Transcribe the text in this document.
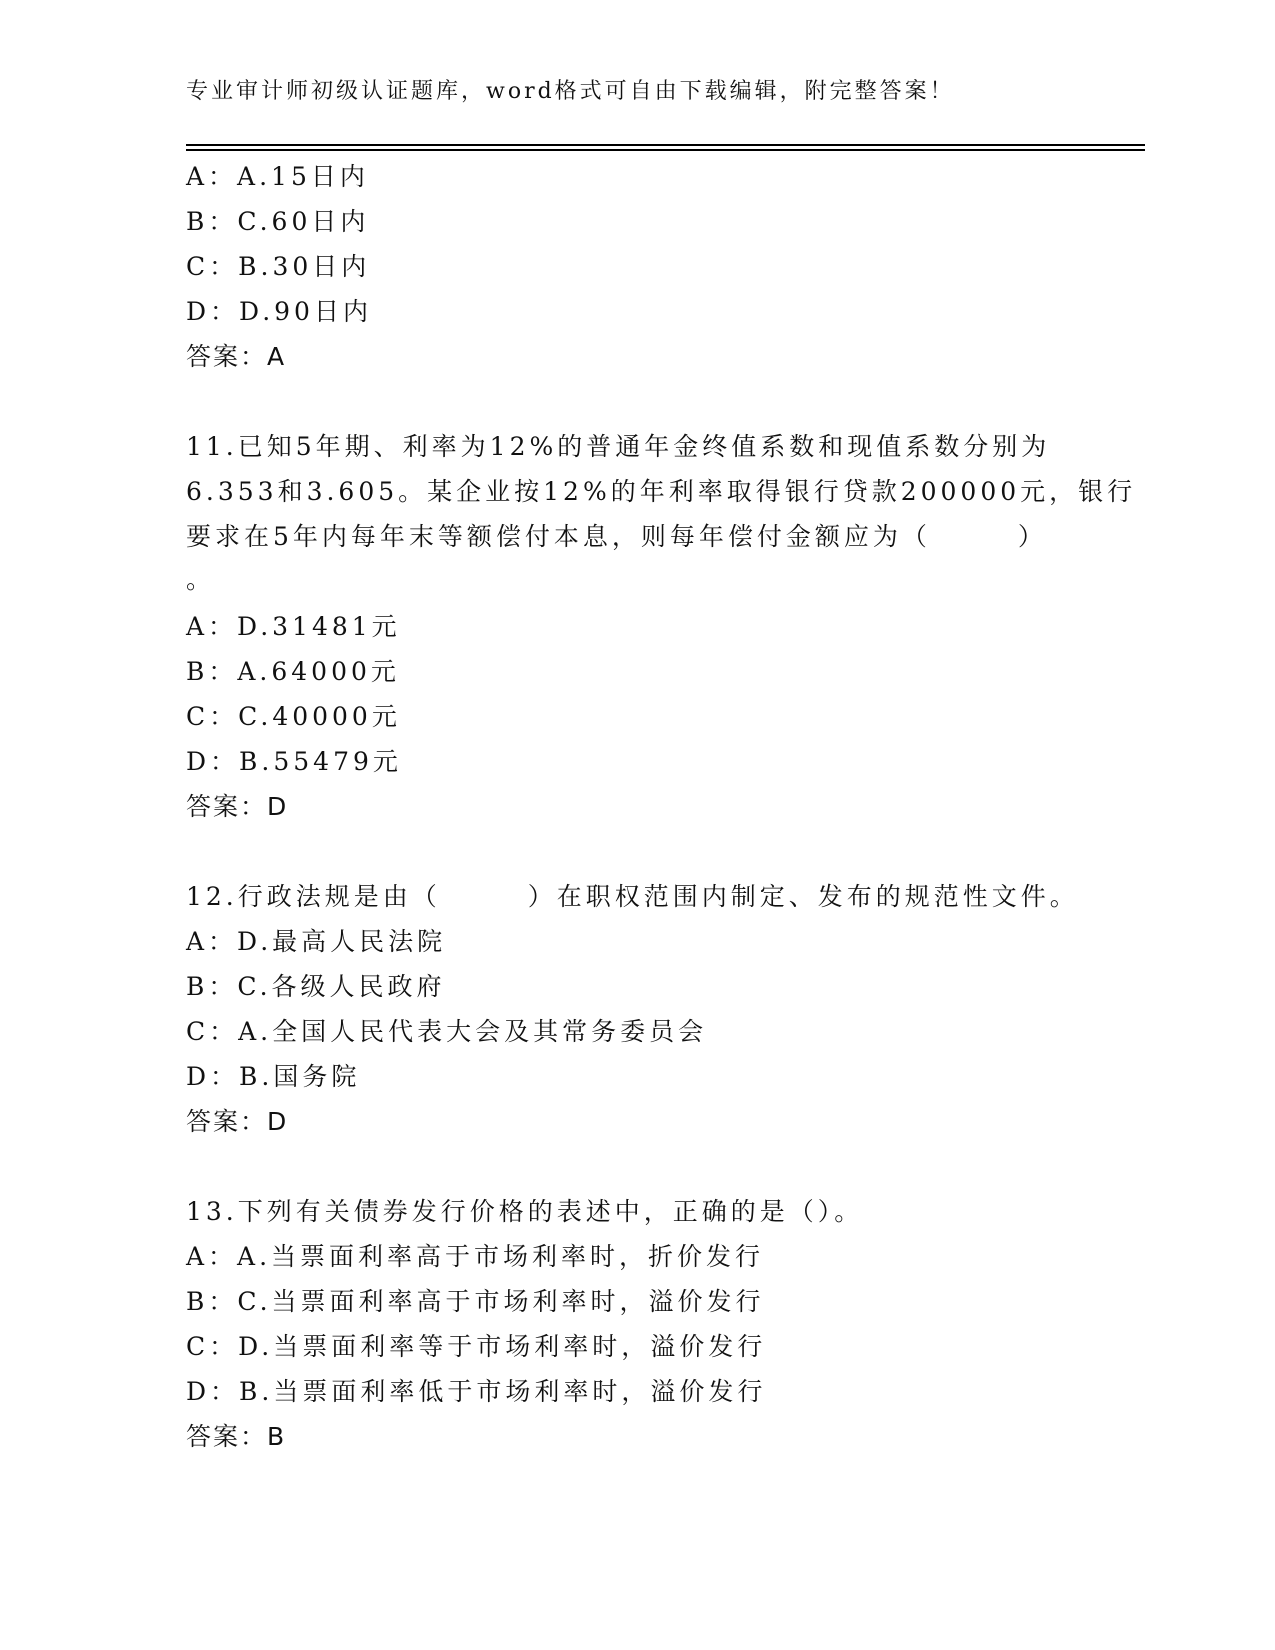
专业审计师初级认证题库，word格式可自由下载编辑，附完整答案！
A：A.15日内
B：C.60日内
C：B.30日内
D：D.90日内
答案：A
11.已知5年期、利率为12%的普通年金终值系数和现值系数分别为
6.353和3.605。某企业按12%的年利率取得银行贷款200000元，银行
要求在5年内每年末等额偿付本息，则每年偿付金额应为（　　　）
。
A：D.31481元
B：A.64000元
C：C.40000元
D：B.55479元
答案：D
12.行政法规是由（　　　）在职权范围内制定、发布的规范性文件。
A：D.最高人民法院
B：C.各级人民政府
C：A.全国人民代表大会及其常务委员会
D：B.国务院
答案：D
13.下列有关债券发行价格的表述中，正确的是（）。
A：A.当票面利率高于市场利率时，折价发行
B：C.当票面利率高于市场利率时，溢价发行
C：D.当票面利率等于市场利率时，溢价发行
D：B.当票面利率低于市场利率时，溢价发行
答案：B
